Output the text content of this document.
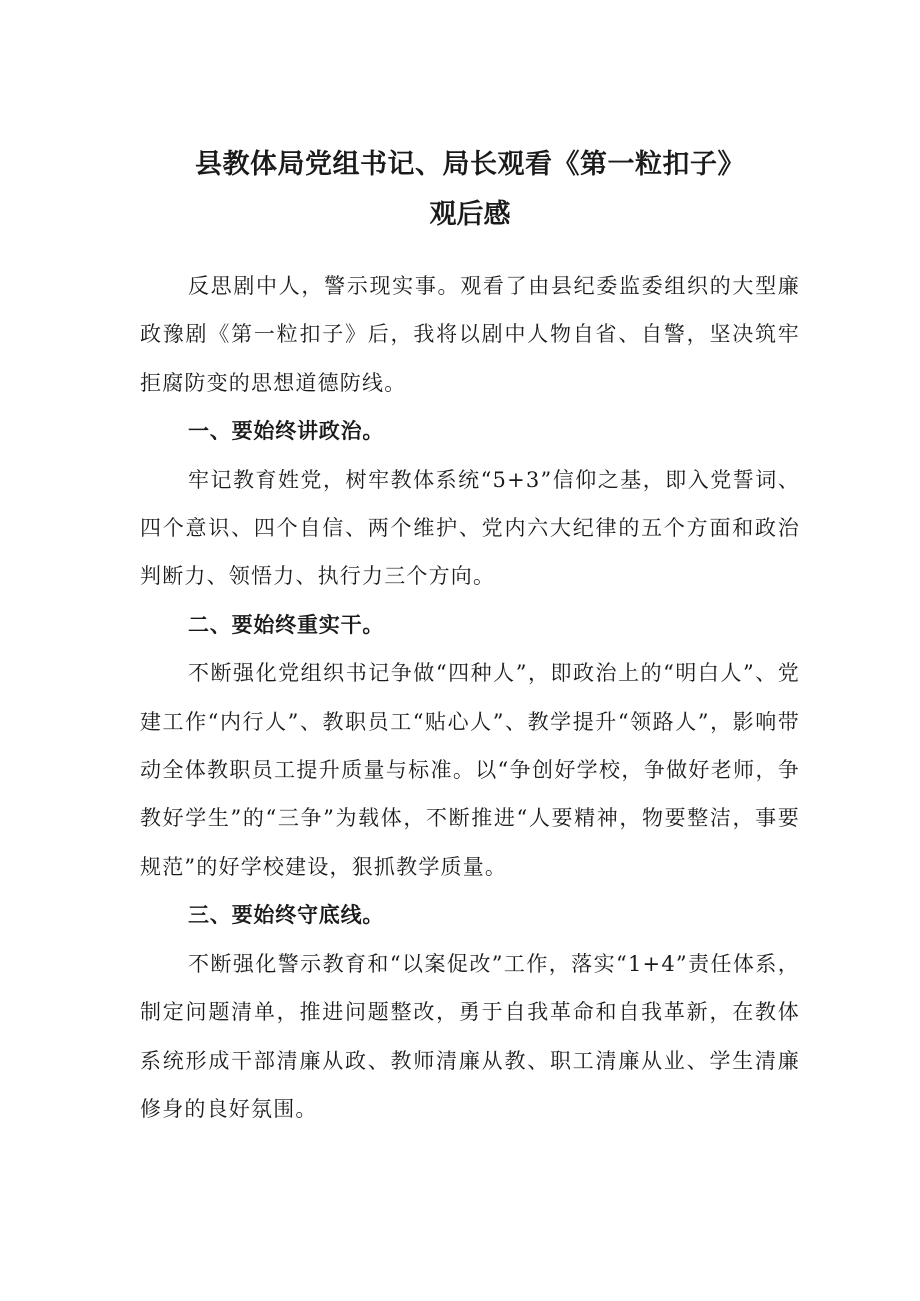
县教体局党组书记、局长观看《第一粒扣子》
观后感

反思剧中人，警示现实事。观看了由县纪委监委组织的大型廉政豫剧《第一粒扣子》后，我将以剧中人物自省、自警，坚决筑牢拒腐防变的思想道德防线。

一、要始终讲政治。

牢记教育姓党，树牢教体系统“5+3”信仰之基，即入党誓词、四个意识、四个自信、两个维护、党内六大纪律的五个方面和政治判断力、领悟力、执行力三个方向。

二、要始终重实干。

不断强化党组织书记争做“四种人”，即政治上的“明白人”、党建工作“内行人”、教职员工“贴心人”、教学提升“领路人”，影响带动全体教职员工提升质量与标准。以“争创好学校，争做好老师，争教好学生”的“三争”为载体，不断推进“人要精神，物要整洁，事要规范”的好学校建设，狠抓教学质量。

三、要始终守底线。

不断强化警示教育和“以案促改”工作，落实“1+4”责任体系，制定问题清单，推进问题整改，勇于自我革命和自我革新，在教体系统形成干部清廉从政、教师清廉从教、职工清廉从业、学生清廉修身的良好氛围。
